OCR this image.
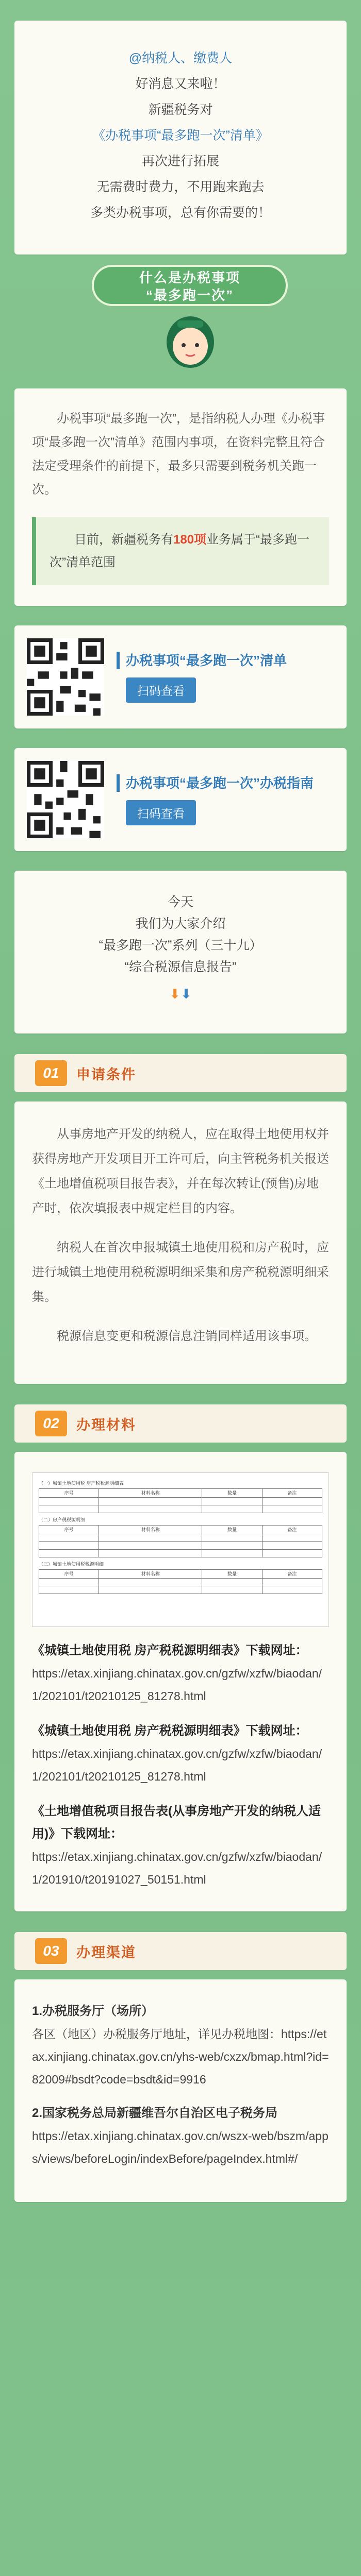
@纳税人、缴费人
好消息又来啦！
新疆税务对
《办税事项“最多跑一次”清单》
再次进行拓展
无需费时费力，不用跑来跑去
多类办税事项，总有你需要的！
什么是办税事项
“最多跑一次”
办税事项“最多跑一次”，是指纳税人办理《办税事项“最多跑一次”清单》范围内事项，在资料完整且符合法定受理条件的前提下，最多只需要到税务机关跑一次。
目前，新疆税务有180项业务属于“最多跑一次”清单范围
办税事项“最多跑一次”清单
扫码查看
办税事项“最多跑一次”办税指南
扫码查看
今天
我们为大家介绍
“最多跑一次”系列（三十九）
“综合税源信息报告”
⬇⬇
01	申请条件
从事房地产开发的纳税人，应在取得土地使用权并获得房地产开发项目开工许可后，向主管税务机关报送《土地增值税项目报告表》，并在每次转让(预售)房地产时，依次填报表中规定栏目的内容。
纳税人在首次申报城镇土地使用税和房产税时，应进行城镇土地使用税税源明细采集和房产税税源明细采集。
税源信息变更和税源信息注销同样适用该事项。
02	办理材料
（一）城镇土地使用税 房产税税源明细表
序号	材料名称	数量	备注

（二）房产税税源明细
序号	材料名称	数量	备注

（三）城镇土地使用税税源明细
序号	材料名称	数量	备注

《城镇土地使用税 房产税税源明细表》下载网址：
https://etax.xinjiang.chinatax.gov.cn/gzfw/xzfw/biaodan/1/202101/t20210125_81278.html
《城镇土地使用税 房产税税源明细表》下载网址：
https://etax.xinjiang.chinatax.gov.cn/gzfw/xzfw/biaodan/1/202101/t20210125_81278.html
《土地增值税项目报告表(从事房地产开发的纳税人适用)》下载网址：
https://etax.xinjiang.chinatax.gov.cn/gzfw/xzfw/biaodan/1/201910/t20191027_50151.html
03	办理渠道
1.办税服务厅（场所）
各区（地区）办税服务厅地址，详见办税地图：https://etax.xinjiang.chinatax.gov.cn/yhs-web/cxzx/bmap.html?id=82009#bsdt?code=bsdt&id=9916
2.国家税务总局新疆维吾尔自治区电子税务局
https://etax.xinjiang.chinatax.gov.cn/wszx-web/bszm/apps/views/beforeLogin/indexBefore/pageIndex.html#/
